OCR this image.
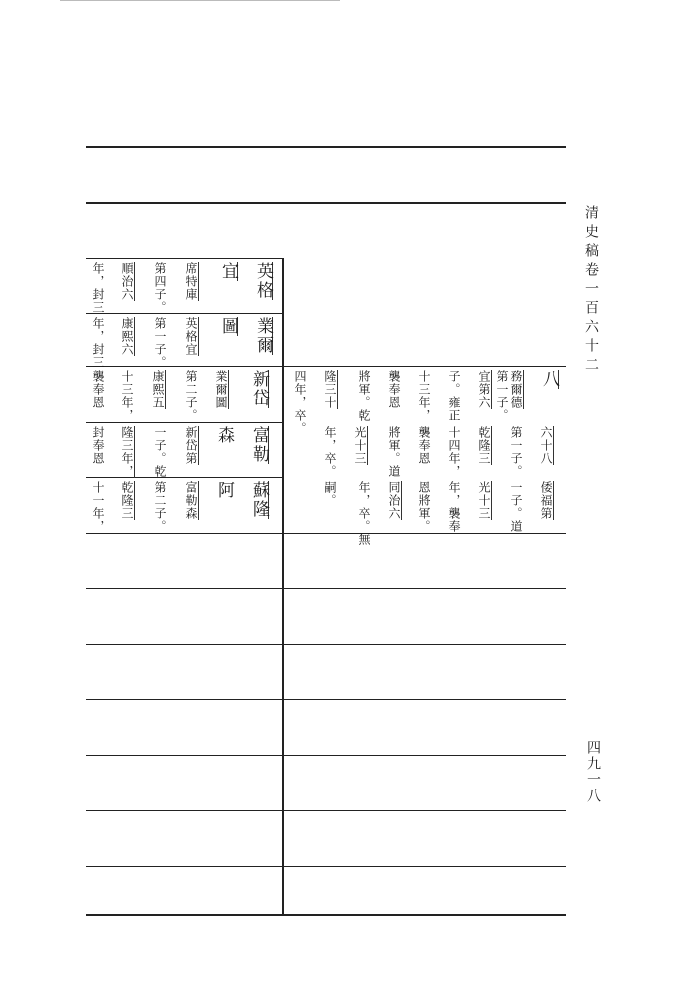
清史稿卷一百六十二
四九一八
英格
宜
席特庫
第四子。
順治六
年，封三
業爾
圖
英格宜
第一子。
康熙六
年，封三
新岱
業爾圖
第二子。
康熙五
十三年，
襲奉恩
富勒
森
新岱第
一子。乾
隆三年，
封奉恩
蘇隆
阿
富勒森
第二子。
乾隆三
十一年，
八
務爾德
第一子。
宜第六
子。雍正
十三年，
襲奉恩
將軍。乾
隆三十
四年，卒。
六十八
第一子。
乾隆三
十四年，
襲奉恩
將軍。道
光十三
年，卒。
倭福第
一子。道
光十三
年，襲奉
恩將軍。
同治六
年，卒。無
嗣。
